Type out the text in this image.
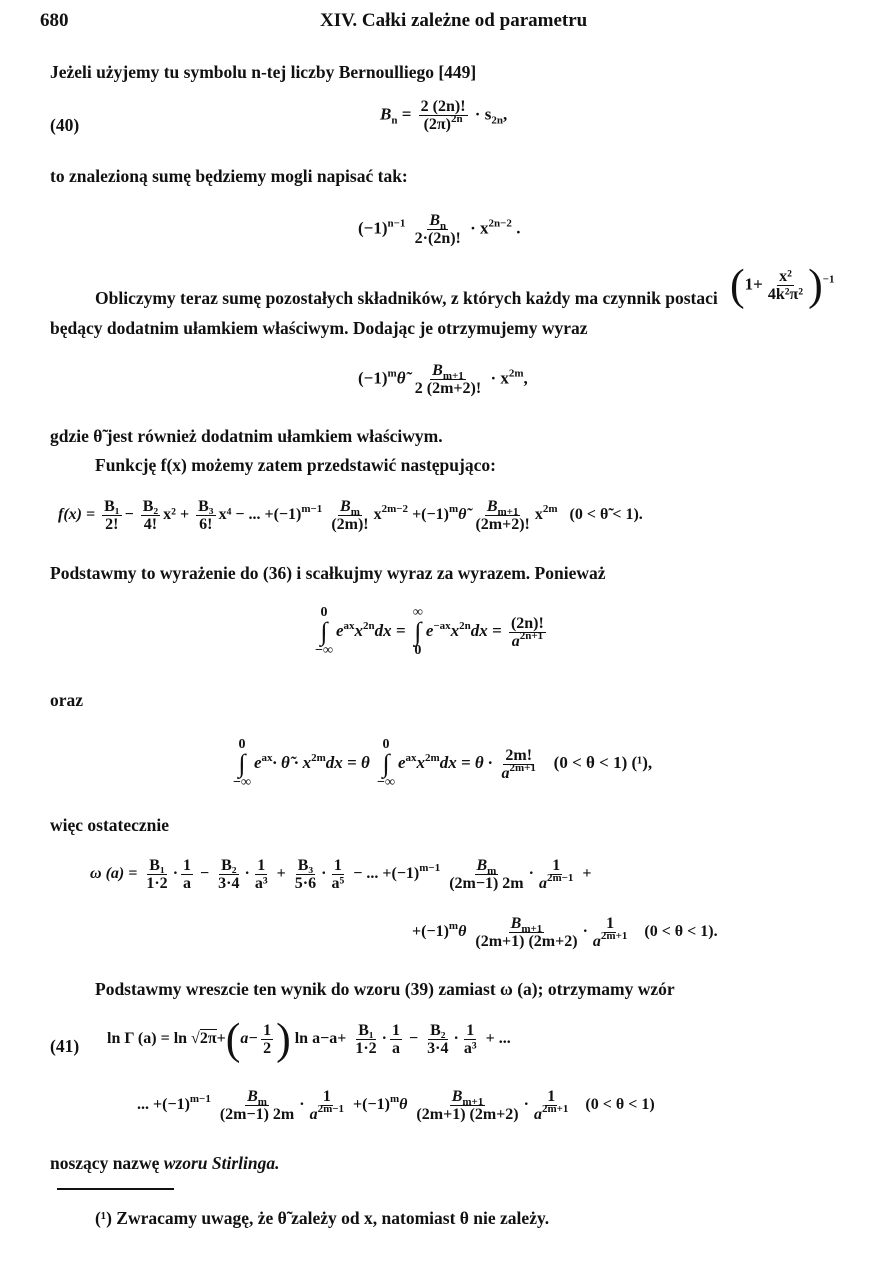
680	XIV. Całki zależne od parametru
Jeżeli użyjemy tu symbolu n-tej liczby Bernoulliego [449]
(40)
$B_n = \frac{2 (2n)!}{(2\pi)^{2n}} \cdot s_{2n}$,
to znalezioną sumę będziemy mogli napisać tak:
$(-1)^{n-1} \frac{B_n}{2\cdot(2n)!} \cdot x^{2n-2}$ .
Obliczymy teraz sumę pozostałych składników, z których każdy ma czynnik postaci $(1+ \frac{\text{x²}}{\text{4k²π²}} )^{-1}$
będący dodatnim ułamkiem właściwym. Dodając je otrzymujemy wyraz
$(-1)^m\thetã \frac{B_{m+1}}{2 (2m+2)!} \cdot x^{2m}$,
gdzie θ̃ jest również dodatnim ułamkiem właściwym.
Funkcję f(x) możemy zatem przedstawić następująco:
$f(x) = \frac{\text{B₁}}{2!} - \frac{\text{B₂}}{4!} x^2 + \frac{\text{B₃}}{6!} x^4$ − ... $+(-1)^{m-1} \frac{B_m}{(2m)!} x^{2m-2}$ $+(-1)^m\thetã \frac{B_{m+1}}{(2m+2)!} x^{2m}$ (0 < θ̃ < 1).
Podstawmy to wyrażenie do (36) i scałkujmy wyraz za wyrazem. Ponieważ
0
∫
−∞
$e^{ax}x^{2n}dx$ =
∞
∫
0
$e^{-ax}x^{2n}dx = \frac{(2n)!}{a^{2n+1}}$
oraz
0
∫
−∞
$e^{ax}\cdot$ θ̃ · $x^{2m}dx = \theta$
0
∫
−∞
$e^{ax}x^{2m}dx = \theta \cdot \frac{2m!}{a^{2m+1}} (0 < \theta < 1)$ (¹),
więc ostatecznie
ω $(a) = \frac{\text{B₁}}{1\cdot 2} \cdot \frac{1}{a} - \frac{\text{B₂}}{3\cdot 4} \cdot \frac{1}{\text{a³}} + \frac{\text{B₃}}{5\cdot 6} \cdot \frac{1}{\text{a⁵}}$ − ... $+(-1)^{m-1} \frac{B_m}{(2m-1) 2m} \cdot \frac{1}{a^{2m-1}}$ +
$+(-1)^m\theta \frac{B_{m+1}}{(2m+1) (2m+2)} \cdot \frac{1}{a^{2m+1}} (0 < \theta < 1)$.
Podstawmy wreszcie ten wynik do wzoru (39) zamiast ω (a); otrzymamy wzór
(41) ln Γ $(a) = \ln √2\pi+(a- \frac{1}{2}$ ) $\ln a-a+ \frac{\text{B₁}}{1\cdot 2} \cdot \frac{1}{a} - \frac{\text{B₂}}{3\cdot 4} \cdot \frac{1}{\text{a³}}$ + ...
... $+(-1)^{m-1} \frac{B_m}{(2m-1) 2m} \cdot \frac{1}{a^{2m-1}} +(-1)^m\theta \frac{B_{m+1}}{(2m+1) (2m+2)} \cdot \frac{1}{a^{2m+1}} (0 < \theta < 1)$
noszący nazwę wzoru Stirlinga.
(¹) Zwracamy uwagę, że θ̃ zależy od x, natomiast θ nie zależy.
